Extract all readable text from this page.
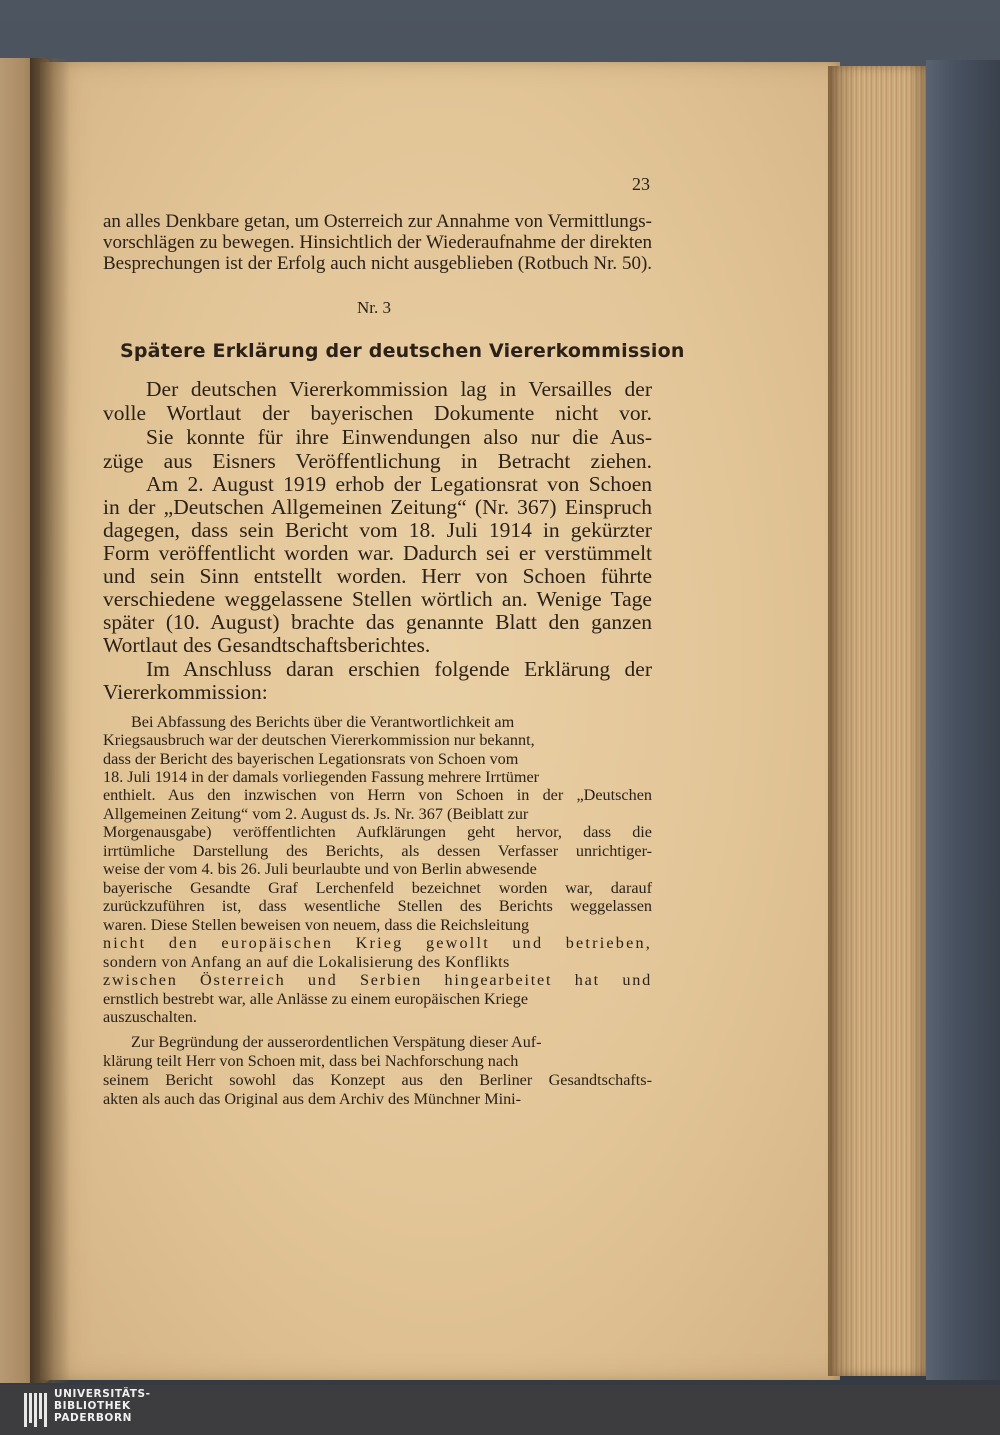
23
an alles Denkbare getan, um Osterreich zur Annahme von Vermittlungs-
vorschlägen zu bewegen. Hinsichtlich der Wiederaufnahme der direkten
Besprechungen ist der Erfolg auch nicht ausgeblieben (Rotbuch Nr. 50).
Nr. 3
Spätere Erklärung der deutschen Viererkommission
Der deutschen Viererkommission lag in Versailles der
volle Wortlaut der bayerischen Dokumente nicht vor.
Sie konnte für ihre Einwendungen also nur die Aus-
züge aus Eisners Veröffentlichung in Betracht ziehen.
Am 2. August 1919 erhob der Legationsrat von Schoen
in der „Deutschen Allgemeinen Zeitung“ (Nr. 367) Einspruch
dagegen, dass sein Bericht vom 18. Juli 1914 in gekürzter
Form veröffentlicht worden war. Dadurch sei er verstümmelt
und sein Sinn entstellt worden. Herr von Schoen führte
verschiedene weggelassene Stellen wörtlich an. Wenige Tage
später (10. August) brachte das genannte Blatt den ganzen
Wortlaut des Gesandtschaftsberichtes.
Im Anschluss daran erschien folgende Erklärung der
Viererkommission:
Bei Abfassung des Berichts über die Verantwortlichkeit am
Kriegsausbruch war der deutschen Viererkommission nur bekannt,
dass der Bericht des bayerischen Legationsrats von Schoen vom
18. Juli 1914 in der damals vorliegenden Fassung mehrere Irrtümer
enthielt. Aus den inzwischen von Herrn von Schoen in der „Deutschen
Allgemeinen Zeitung“ vom 2. August ds. Js. Nr. 367 (Beiblatt zur
Morgenausgabe) veröffentlichten Aufklärungen geht hervor, dass die
irrtümliche Darstellung des Berichts, als dessen Verfasser unrichtiger-
weise der vom 4. bis 26. Juli beurlaubte und von Berlin abwesende
bayerische Gesandte Graf Lerchenfeld bezeichnet worden war, darauf
zurückzuführen ist, dass wesentliche Stellen des Berichts weggelassen
waren. Diese Stellen beweisen von neuem, dass die Reichsleitung
nicht den europäischen Krieg gewollt und betrieben,
sondern von Anfang an auf die Lokalisierung des Konflikts
zwischen Österreich und Serbien hingearbeitet hat und
ernstlich bestrebt war, alle Anlässe zu einem europäischen Kriege
auszuschalten.
Zur Begründung der ausserordentlichen Verspätung dieser Auf-
klärung teilt Herr von Schoen mit, dass bei Nachforschung nach
seinem Bericht sowohl das Konzept aus den Berliner Gesandtschafts-
akten als auch das Original aus dem Archiv des Münchner Mini-
UNIVERSITÄTS-
BIBLIOTHEK
PADERBORN
